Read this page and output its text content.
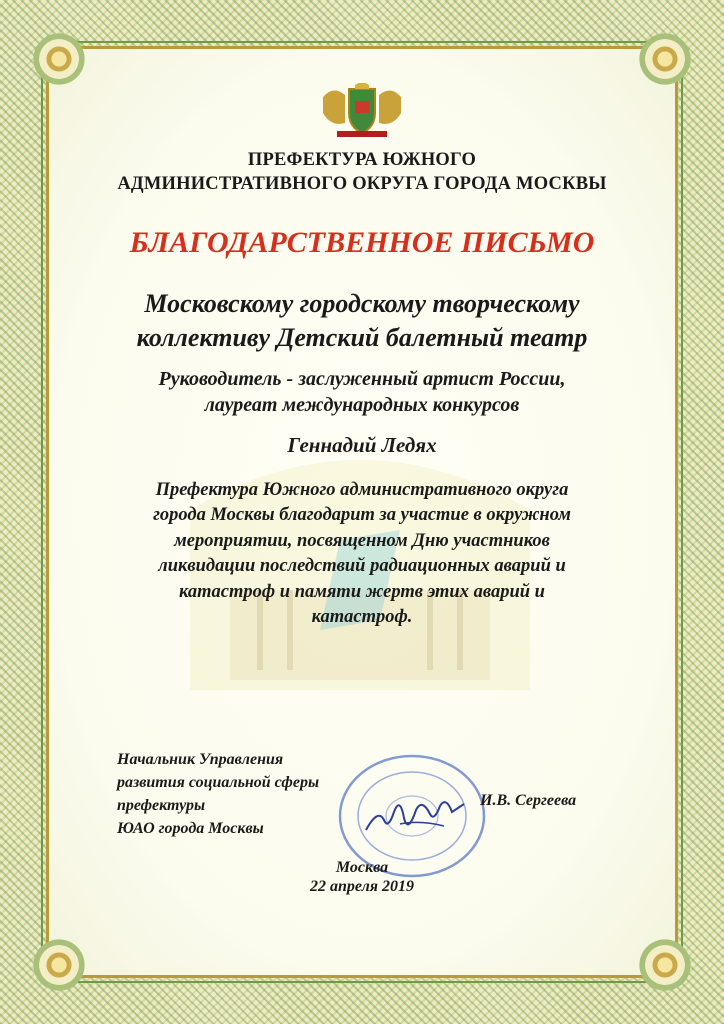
ПРЕФЕКТУРА ЮЖНОГО
АДМИНИСТРАТИВНОГО ОКРУГА ГОРОДА МОСКВЫ
БЛАГОДАРСТВЕННОЕ ПИСЬМО
Московскому городскому творческому
коллективу Детский балетный театр
Руководитель - заслуженный артист России,
лауреат международных конкурсов
Геннадий Ледях
Префектура Южного административного округа
города Москвы благодарит за участие в окружном
мероприятии, посвященном Дню участников
ликвидации последствий радиационных аварий и
катастроф и памяти жертв этих аварий и
катастроф.
Начальник Управления
развития социальной сферы
префектуры
ЮАО города Москвы
И.В. Сергеева
Москва
22 апреля 2019
